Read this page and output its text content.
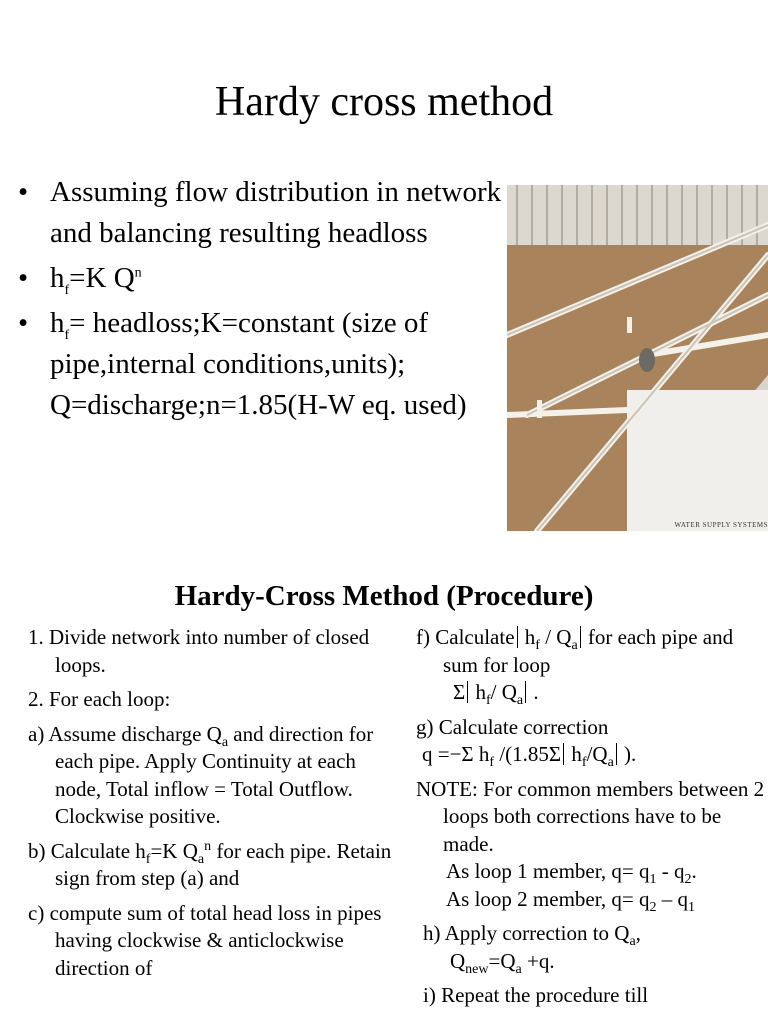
Hardy cross method
• Assuming flow distribution in network and balancing resulting headloss
• $h_f=K$ $Q^n$
• $h_f=$ headloss;K=constant (size of pipe,internal conditions,units); Q=discharge;n=1.85(H-W eq. used)
WATER SUPPLY SYSTEMS
Hardy-Cross Method (Procedure)
1. Divide network into number of closed loops.
2. For each loop:
a) Assume discharge $Q_a$ and direction for each pipe. Apply Continuity at each node, Total inflow = Total Outflow. Clockwise positive.
b) Calculate $h_f=K$ $Q_a^n$ for each pipe. Retain sign from step (a) and
c) compute sum of total head loss in pipes having clockwise & anticlockwise direction of
f) Calculate $h_f / Q_a$ for each pipe and sum for loop
Σ $h_f/$ $Q_a$ .
g) Calculate correction
q =−Σ $h_f$ /(1.85Σ $h_f/Q_a$ ).
NOTE: For common members between 2 loops both corrections have to be made.
As loop 1 member, $q= q_1 - q_2$.
As loop 2 member, $q= q_2 - q_1$
h) Apply correction to $Q_a$,
$Q_{new}=Q_a +q$.
i) Repeat the procedure till
